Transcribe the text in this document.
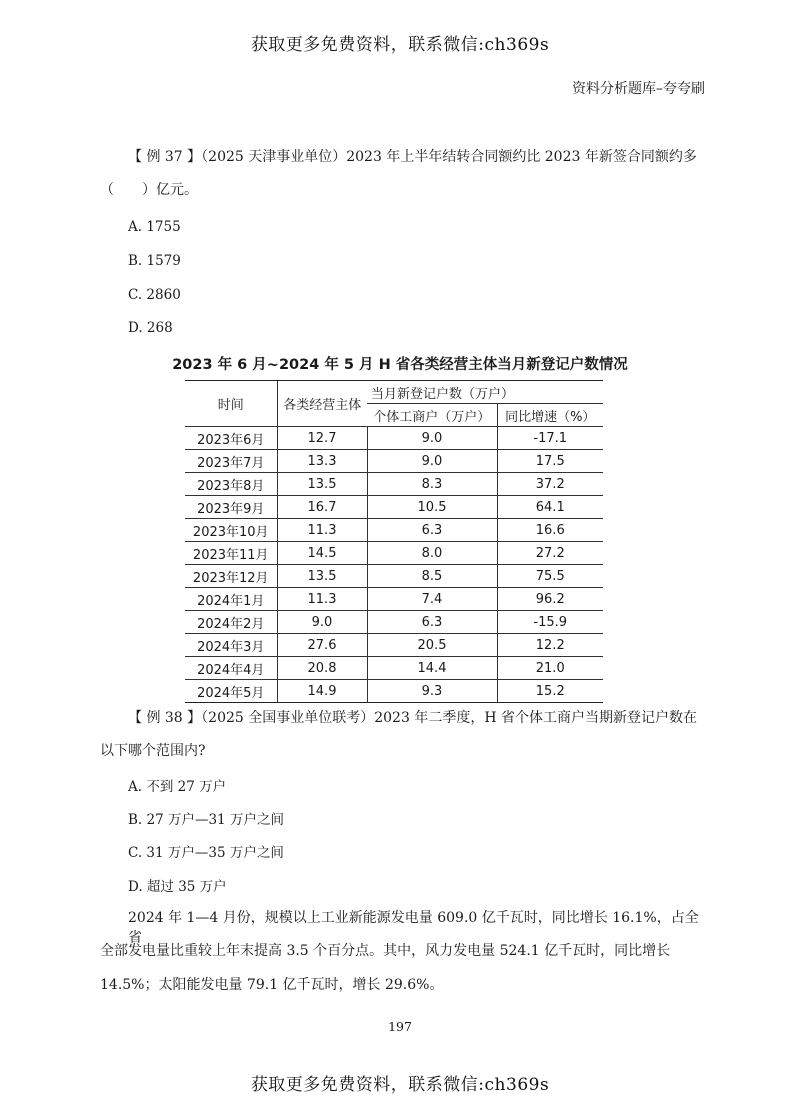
获取更多免费资料，联系微信:ch369s
资料分析题库–夸夸刷
【 例 37 】（2025 天津事业单位）2023 年上半年结转合同额约比 2023 年新签合同额约多
（　　）亿元。
A. 1755
B. 1579
C. 2860
D. 268
2023 年 6 月~2024 年 5 月 H 省各类经营主体当月新登记户数情况
时间	各类经营主体	当月新登记户数（万户）	
		个体工商户（万户）	同比增速（%）
2023年6月	12.7	9.0	-17.1
2023年7月	13.3	9.0	17.5
2023年8月	13.5	8.3	37.2
2023年9月	16.7	10.5	64.1
2023年10月	11.3	6.3	16.6
2023年11月	14.5	8.0	27.2
2023年12月	13.5	8.5	75.5
2024年1月	11.3	7.4	96.2
2024年2月	9.0	6.3	-15.9
2024年3月	27.6	20.5	12.2
2024年4月	20.8	14.4	21.0
2024年5月	14.9	9.3	15.2
【 例 38 】（2025 全国事业单位联考）2023 年二季度，H 省个体工商户当期新登记户数在
以下哪个范围内?
A. 不到 27 万户
B. 27 万户—31 万户之间
C. 31 万户—35 万户之间
D. 超过 35 万户
2024 年 1—4 月份，规模以上工业新能源发电量 609.0 亿千瓦时，同比增长 16.1%，占全省
全部发电量比重较上年末提高 3.5 个百分点。其中，风力发电量 524.1 亿千瓦时，同比增长
14.5%；太阳能发电量 79.1 亿千瓦时，增长 29.6%。
197
获取更多免费资料，联系微信:ch369s
